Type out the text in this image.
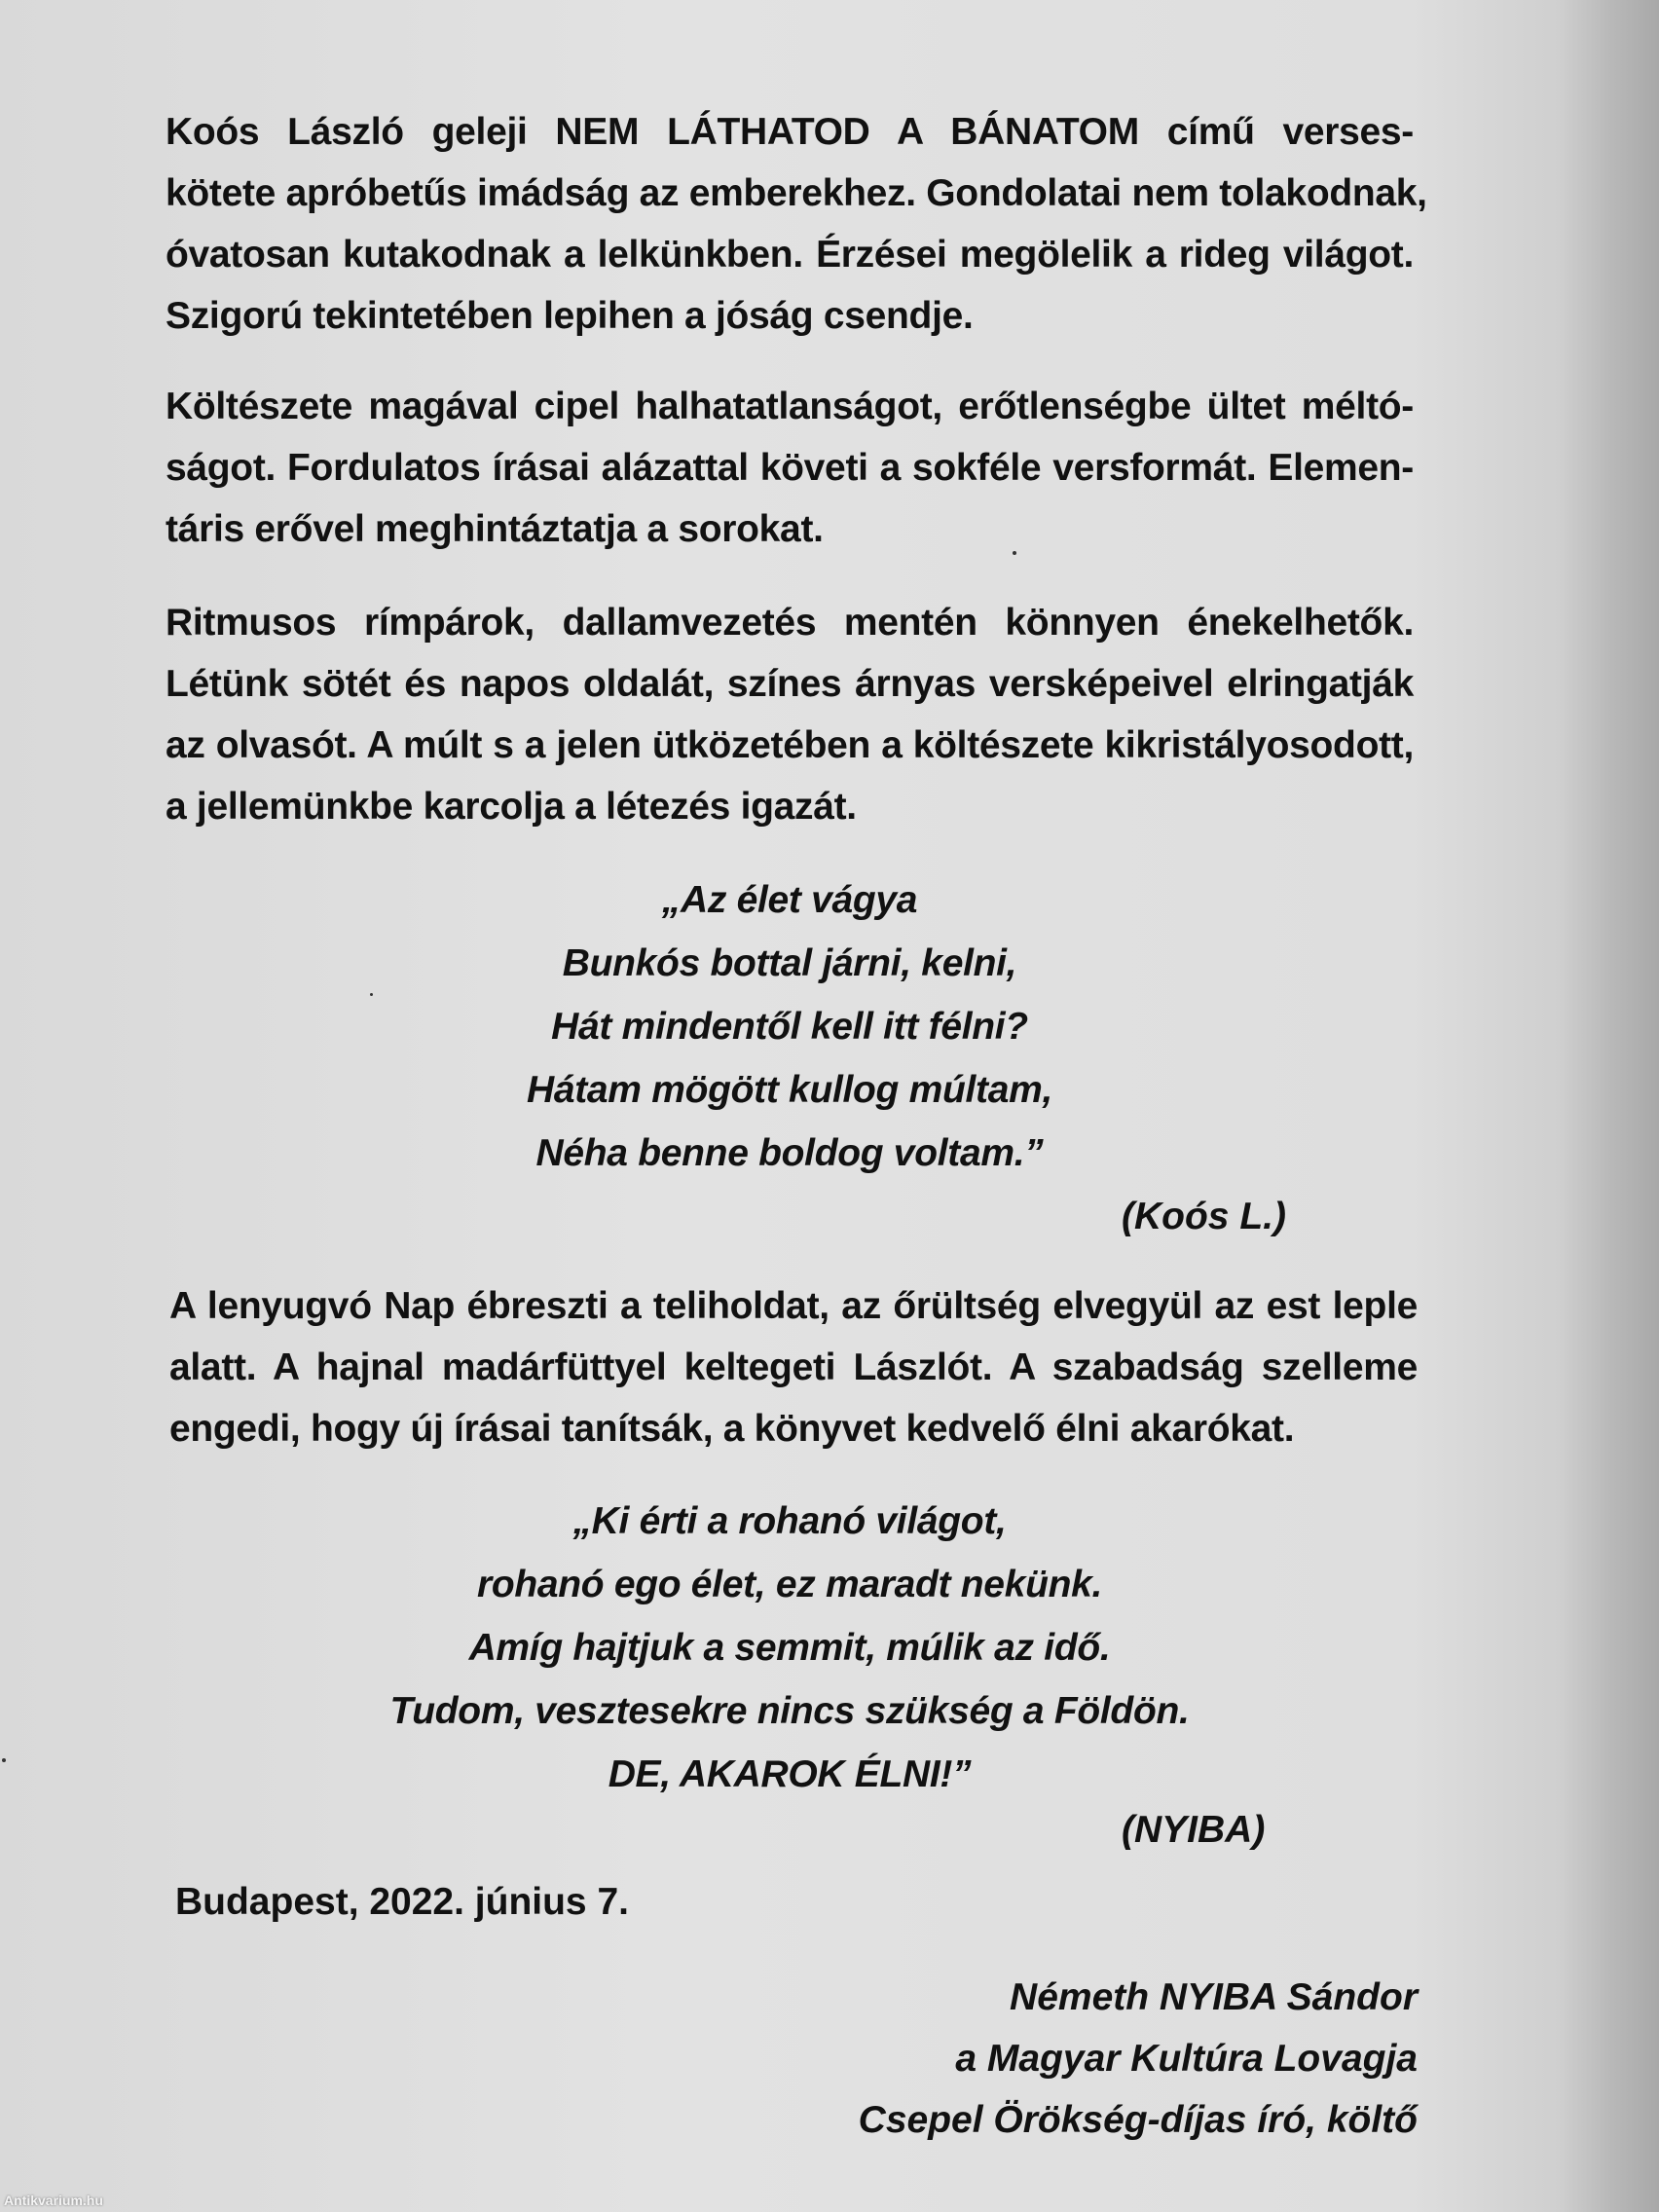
Koós László geleji NEM LÁTHATOD A BÁNATOM című verses-
kötete apróbetűs imádság az emberekhez. Gondolatai nem tolakodnak,
óvatosan kutakodnak a lelkünkben. Érzései megölelik a rideg világot.
Szigorú tekintetében lepihen a jóság csendje.
Költészete magával cipel halhatatlanságot, erőtlenségbe ültet méltó-
ságot. Fordulatos írásai alázattal követi a sokféle versformát. Elemen-
táris erővel meghintáztatja a sorokat.
Ritmusos rímpárok, dallamvezetés mentén könnyen énekelhetők.
Létünk sötét és napos oldalát, színes árnyas versképeivel elringatják
az olvasót. A múlt s a jelen ütközetében a költészete kikristályosodott,
a jellemünkbe karcolja a létezés igazát.
„Az élet vágya
Bunkós bottal járni, kelni,
Hát mindentől kell itt félni?
Hátam mögött kullog múltam,
Néha benne boldog voltam.”
(Koós L.)
A lenyugvó Nap ébreszti a teliholdat, az őrültség elvegyül az est leple
alatt. A hajnal madárfüttyel keltegeti Lászlót. A szabadság szelleme
engedi, hogy új írásai tanítsák, a könyvet kedvelő élni akarókat.
„Ki érti a rohanó világot,
rohanó ego élet, ez maradt nekünk.
Amíg hajtjuk a semmit, múlik az idő.
Tudom, vesztesekre nincs szükség a Földön.
DE, AKAROK ÉLNI!”
(NYIBA)
Budapest, 2022. június 7.
Németh NYIBA Sándor
a Magyar Kultúra Lovagja
Csepel Örökség-díjas író, költő
Antikvarium.hu
